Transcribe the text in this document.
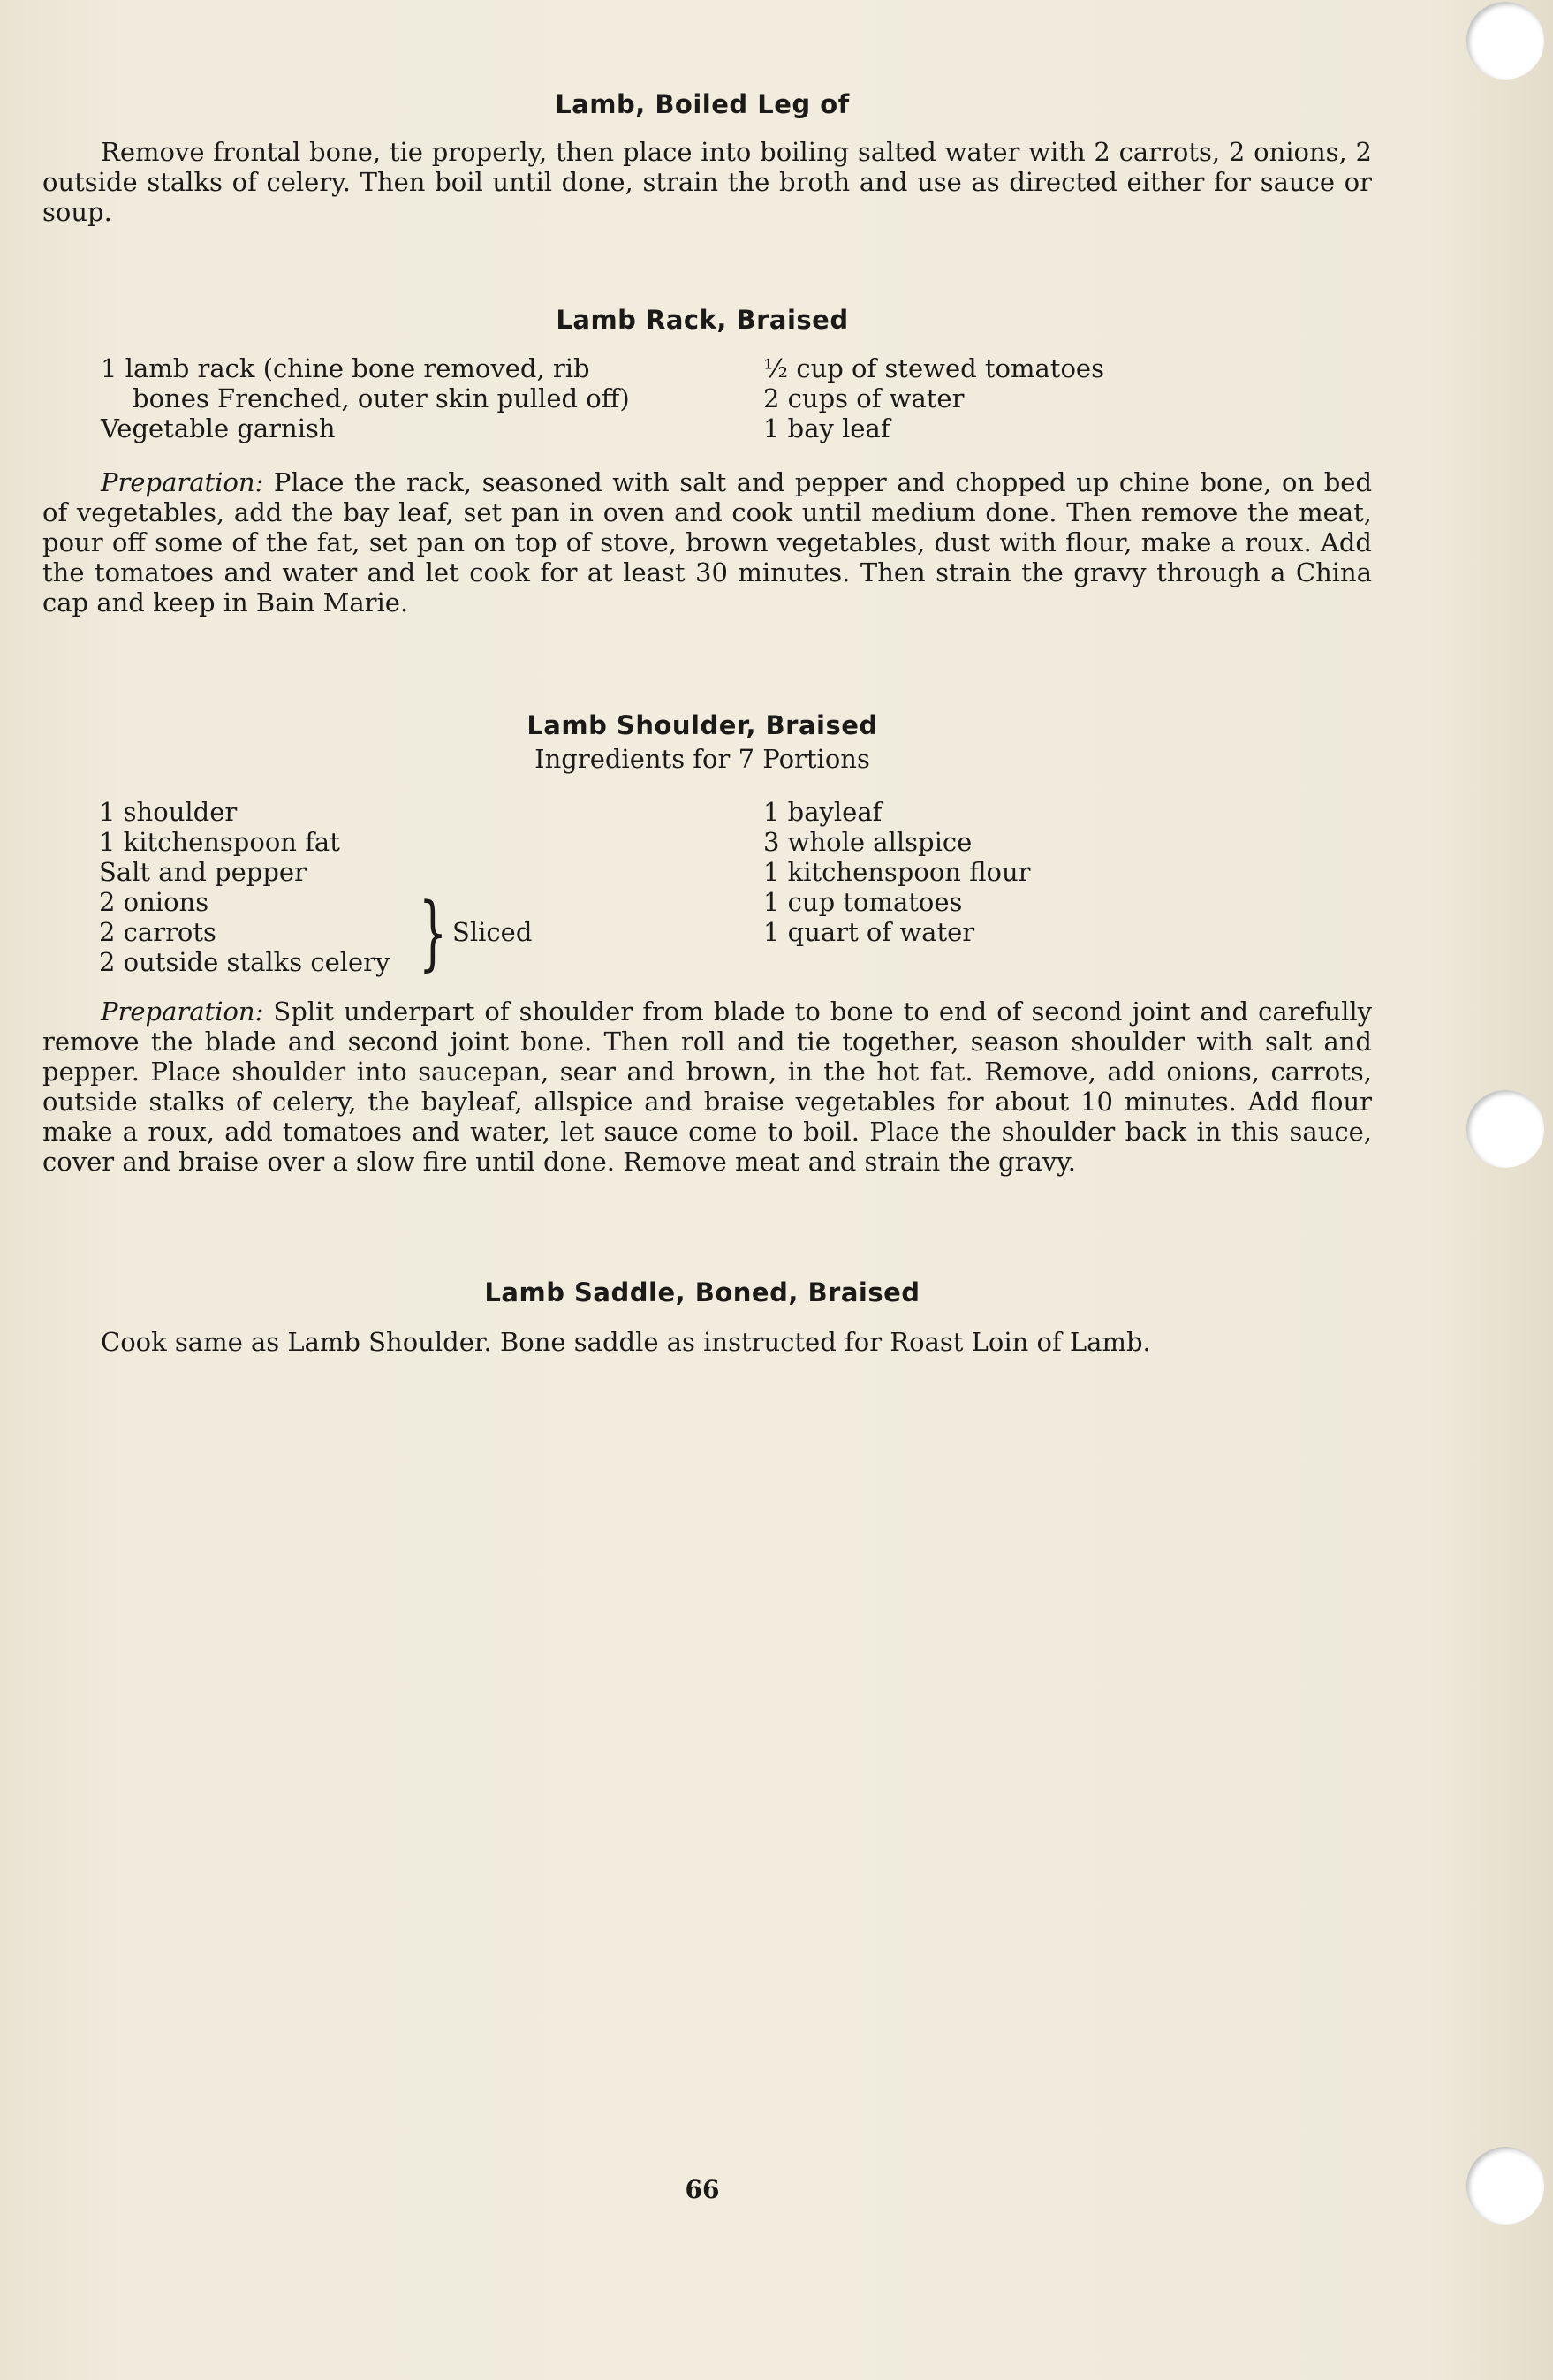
Lamb, Boiled Leg of

Remove frontal bone, tie properly, then place into boiling salted water with 2 carrots, 2 onions, 2 outside stalks of celery. Then boil until done, strain the broth and use as directed either for sauce or soup.

Lamb Rack, Braised
1 lamb rack (chine bone removed, rib
bones Frenched, outer skin pulled off)
Vegetable garnish
½ cup of stewed tomatoes
2 cups of water
1 bay leaf

Preparation: Place the rack, seasoned with salt and pepper and chopped up chine bone, on bed of vegetables, add the bay leaf, set pan in oven and cook until medium done. Then remove the meat, pour off some of the fat, set pan on top of stove, brown vegetables, dust with flour, make a roux. Add the tomatoes and water and let cook for at least 30 minutes. Then strain the gravy through a China cap and keep in Bain Marie.

Lamb Shoulder, Braised
Ingredients for 7 Portions
1 shoulder
1 kitchenspoon fat
Salt and pepper
2 onions
2 carrots
2 outside stalks celery } Sliced
1 bayleaf
3 whole allspice
1 kitchenspoon flour
1 cup tomatoes
1 quart of water

Preparation: Split underpart of shoulder from blade to bone to end of second joint and carefully remove the blade and second joint bone. Then roll and tie together, season shoulder with salt and pepper. Place shoulder into saucepan, sear and brown, in the hot fat. Remove, add onions, carrots, outside stalks of celery, the bayleaf, allspice and braise vegetables for about 10 minutes. Add flour make a roux, add tomatoes and water, let sauce come to boil. Place the shoulder back in this sauce, cover and braise over a slow fire until done. Remove meat and strain the gravy.

Lamb Saddle, Boned, Braised

Cook same as Lamb Shoulder. Bone saddle as instructed for Roast Loin of Lamb.

66
